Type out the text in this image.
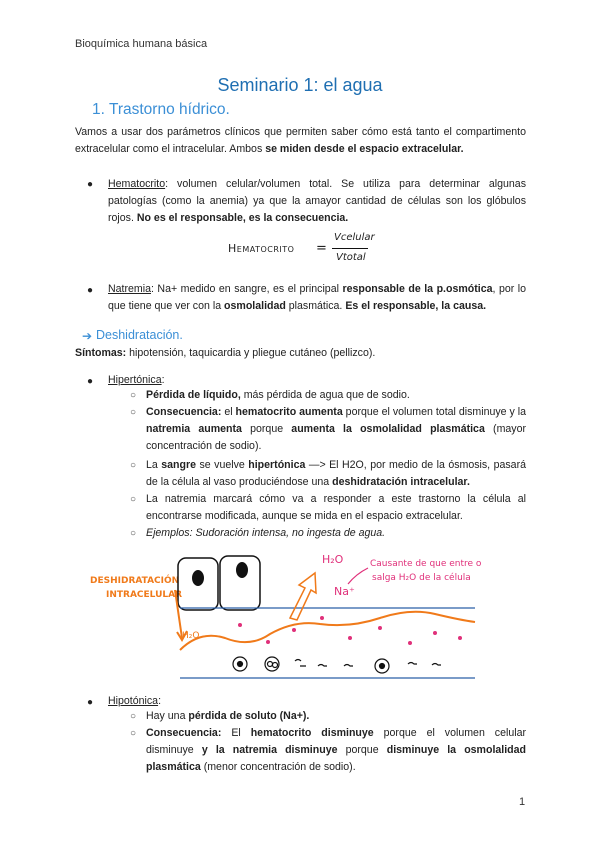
Bioquímica humana básica
Seminario 1: el agua
1. Trastorno hídrico.
Vamos a usar dos parámetros clínicos que permiten saber cómo está tanto el compartimento extracelular como el intracelular. Ambos se miden desde el espacio extracelular.
● Hematocrito: volumen celular/volumen total. Se utiliza para determinar algunas patologías (como la anemia) ya que la amayor cantidad de células son los glóbulos rojos. No es el responsable, es la consecuencia.
Hematocrito =
Vcelular
Vtotal
● Natremia: Na+ medido en sangre, es el principal responsable de la p.osmótica, por lo que tiene que ver con la osmolalidad plasmática. Es el responsable, la causa.
➔ Deshidratación.
Síntomas: hipotensión, taquicardia y pliegue cutáneo (pellizco).
● Hipertónica:
○ Pérdida de líquido, más pérdida de agua que de sodio.
○ Consecuencia: el hematocrito aumenta porque el volumen total disminuye y la natremia aumenta porque aumenta la osmolalidad plasmática (mayor concentración de sodio).
○ La sangre se vuelve hipertónica —> El H2O, por medio de la ósmosis, pasará de la célula al vaso produciéndose una deshidratación intracelular.
○ La natremia marcará cómo va a responder a este trastorno la célula al encontrarse modificada, aunque se mida en el espacio extracelular.
○ Ejemplos: Sudoración intensa, no ingesta de agua.
DESHIDRATACIÓN
INTRACELULAR
H₂O
Na⁺
Causante de que entre o
salga H₂O de la célula
H₂O
● Hipotónica:
○ Hay una pérdida de soluto (Na+).
○ Consecuencia: El hematocrito disminuye porque el volumen celular disminuye y la natremia disminuye porque disminuye la osmolalidad plasmática (menor concentración de sodio).
1
